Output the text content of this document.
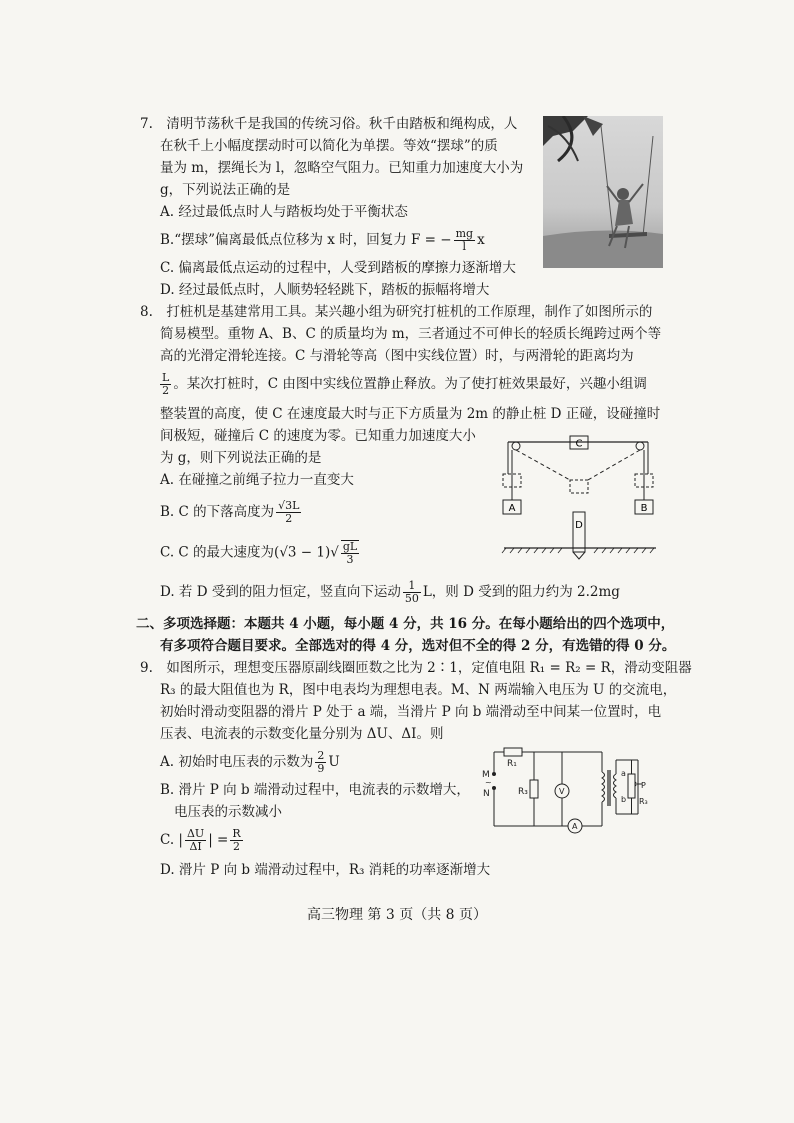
7.　清明节荡秋千是我国的传统习俗。秋千由踏板和绳构成，人
在秋千上小幅度摆动时可以简化为单摆。等效“摆球”的质
量为 m，摆绳长为 l，忽略空气阻力。已知重力加速度大小为
g，下列说法正确的是
A. 经过最低点时人与踏板均处于平衡状态
B.“摆球”偏离最低点位移为 x 时，回复力 F = − $\frac{mg}{l}$ x
C. 偏离最低点运动的过程中，人受到踏板的摩擦力逐渐增大
D. 经过最低点时，人顺势轻轻跳下，踏板的振幅将增大
8.　打桩机是基建常用工具。某兴趣小组为研究打桩机的工作原理，制作了如图所示的
简易模型。重物 A、B、C 的质量均为 m，三者通过不可伸长的轻质长绳跨过两个等
高的光滑定滑轮连接。C 与滑轮等高（图中实线位置）时，与两滑轮的距离均为
$\frac{L}{2}$ 。某次打桩时，C 由图中实线位置静止释放。为了使打桩效果最好，兴趣小组调
整装置的高度，使 C 在速度最大时与正下方质量为 2m 的静止桩 D 正碰，设碰撞时
间极短，碰撞后 C 的速度为零。已知重力加速度大小
为 g，则下列说法正确的是
A. 在碰撞之前绳子拉力一直变大
B. C 的下落高度为 $\frac{√3L}{2}$
C. C 的最大速度为$(√3 - 1)√ \frac{gL}{3}$
D. 若 D 受到的阻力恒定，竖直向下运动 $\frac{1}{50}$ L，则 D 受到的阻力约为 2.2mg
C
A	B
D
二、多项选择题：本题共 4 小题，每小题 4 分，共 16 分。在每小题给出的四个选项中，
有多项符合题目要求。全部选对的得 4 分，选对但不全的得 2 分，有选错的得 0 分。
9.　如图所示，理想变压器原副线圈匝数之比为 2∶1，定值电阻 R₁ = R₂ = R，滑动变阻器
R₃ 的最大阻值也为 R，图中电表均为理想电表。M、N 两端输入电压为 U 的交流电，
初始时滑动变阻器的滑片 P 处于 a 端，当滑片 P 向 b 端滑动至中间某一位置时，电
压表、电流表的示数变化量分别为 ΔU、ΔI。则
A. 初始时电压表的示数为 $\frac{2}{9}$ U
B. 滑片 P 向 b 端滑动过程中，电流表的示数增大，
电压表的示数减小
C. | $\frac{\Delta U}{\Delta I}$ | = $\frac{R}{2}$
D. 滑片 P 向 b 端滑动过程中，R₃ 消耗的功率逐渐增大
M
~
N
R₁
R₃	V
A
a
b
P
R₃
高三物理 第 3 页（共 8 页）
